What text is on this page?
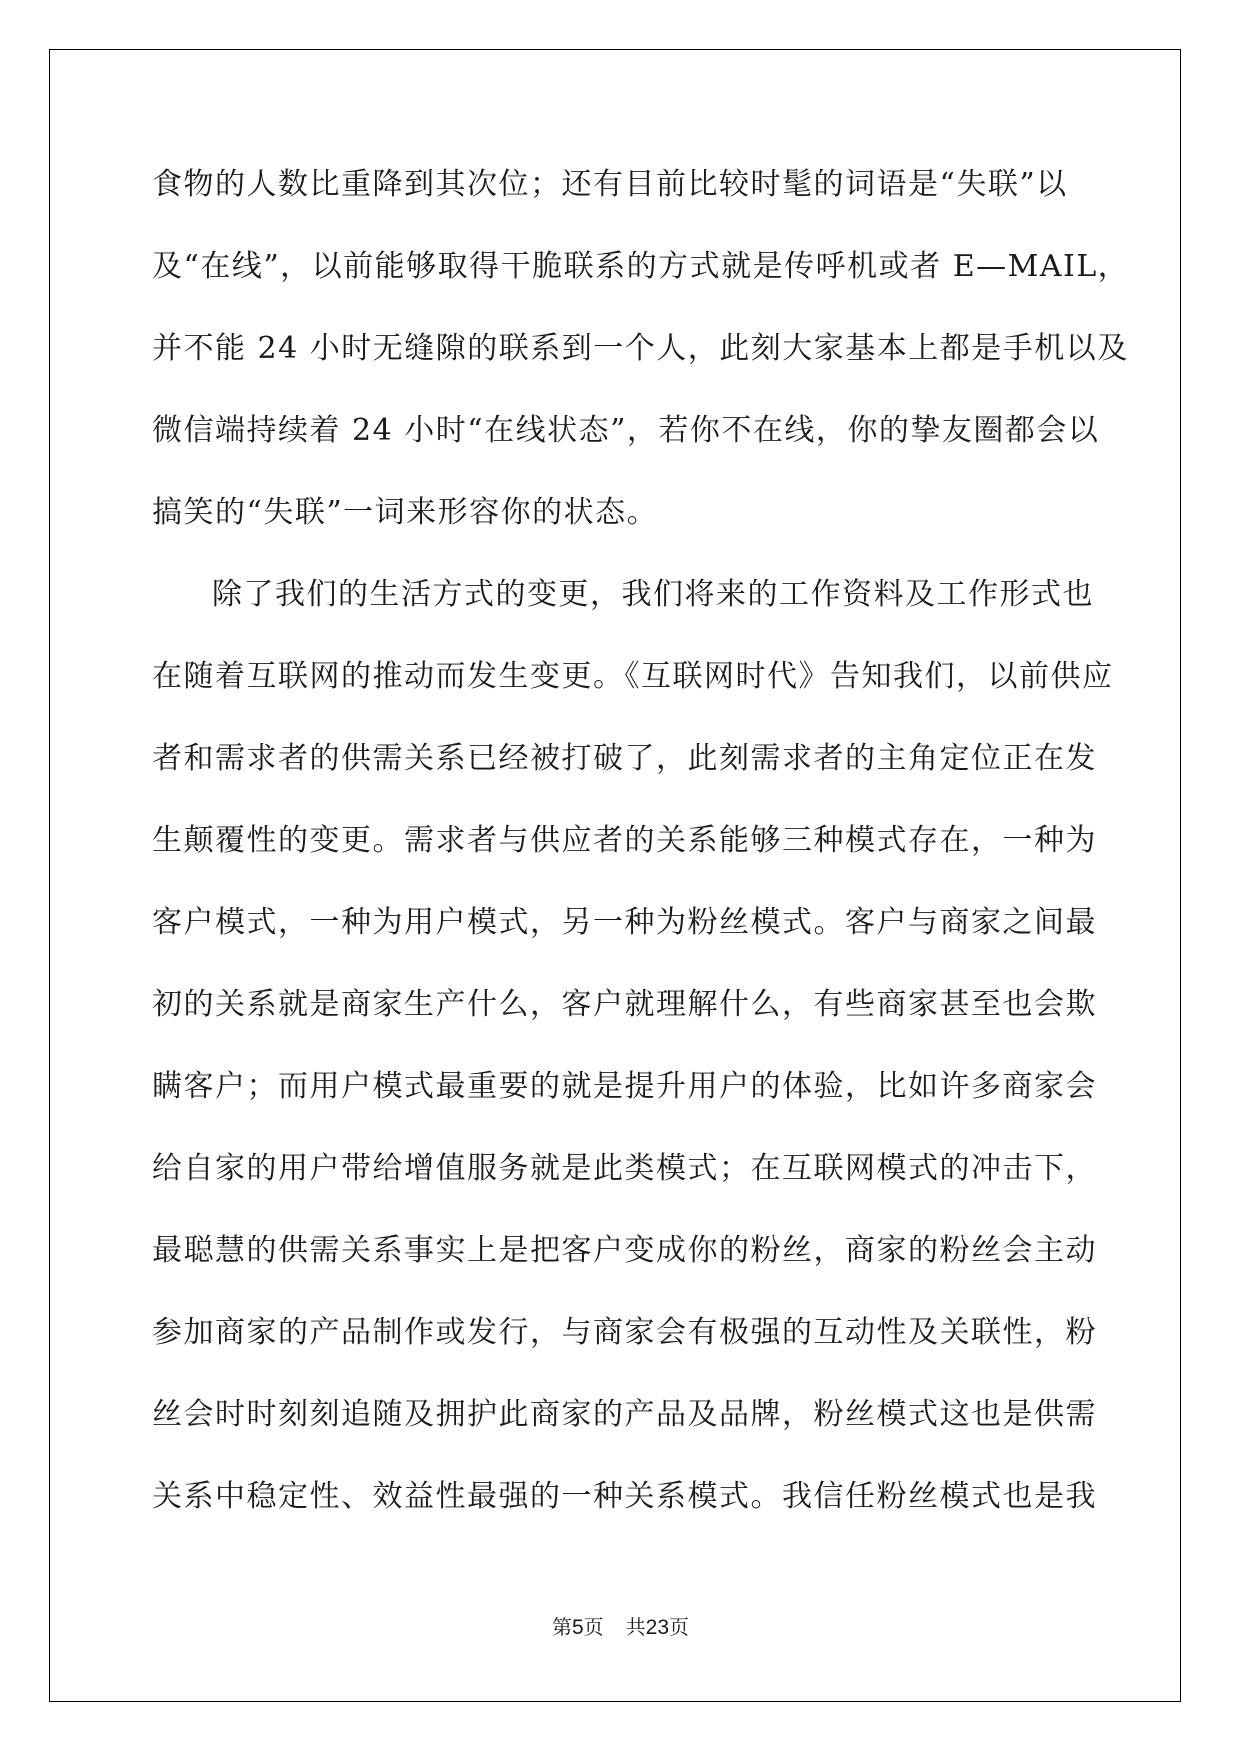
食物的人数比重降到其次位；还有目前比较时髦的词语是“失联”以
及“在线”，以前能够取得干脆联系的方式就是传呼机或者 E—MAIL，
并不能 24 小时无缝隙的联系到一个人，此刻大家基本上都是手机以及
微信端持续着 24 小时“在线状态”，若你不在线，你的挚友圈都会以
搞笑的“失联”一词来形容你的状态。
除了我们的生活方式的变更，我们将来的工作资料及工作形式也
在随着互联网的推动而发生变更。《互联网时代》告知我们，以前供应
者和需求者的供需关系已经被打破了，此刻需求者的主角定位正在发
生颠覆性的变更。需求者与供应者的关系能够三种模式存在，一种为
客户模式，一种为用户模式，另一种为粉丝模式。客户与商家之间最
初的关系就是商家生产什么，客户就理解什么，有些商家甚至也会欺
瞒客户；而用户模式最重要的就是提升用户的体验，比如许多商家会
给自家的用户带给增值服务就是此类模式；在互联网模式的冲击下，
最聪慧的供需关系事实上是把客户变成你的粉丝，商家的粉丝会主动
参加商家的产品制作或发行，与商家会有极强的互动性及关联性，粉
丝会时时刻刻追随及拥护此商家的产品及品牌，粉丝模式这也是供需
关系中稳定性、效益性最强的一种关系模式。我信任粉丝模式也是我
第5页 共23页
